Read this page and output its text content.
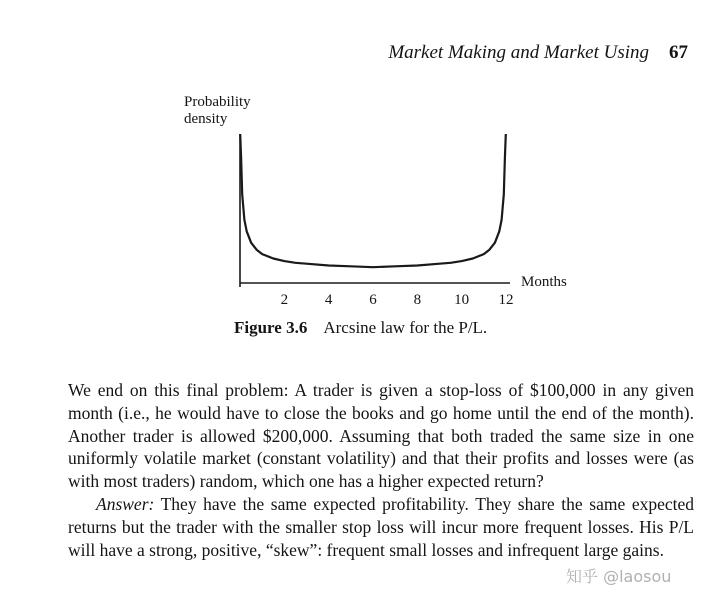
Market Making and Market Using 67
Probability density
Months
2 4 6 8 10 12
Figure 3.6 Arcsine law for the P/L.

We end on this final problem: A trader is given a stop-loss of $100,000 in any given month (i.e., he would have to close the books and go home until the end of the month). Another trader is allowed $200,000. Assuming that both traded the same size in one uniformly volatile market (constant volatility) and that their profits and losses were (as with most traders) random, which one has a higher expected return?

Answer: They have the same expected profitability. They share the same expected returns but the trader with the smaller stop loss will incur more frequent losses. His P/L will have a strong, positive, “skew”: frequent small losses and infrequent large gains.

知乎 @laosou
